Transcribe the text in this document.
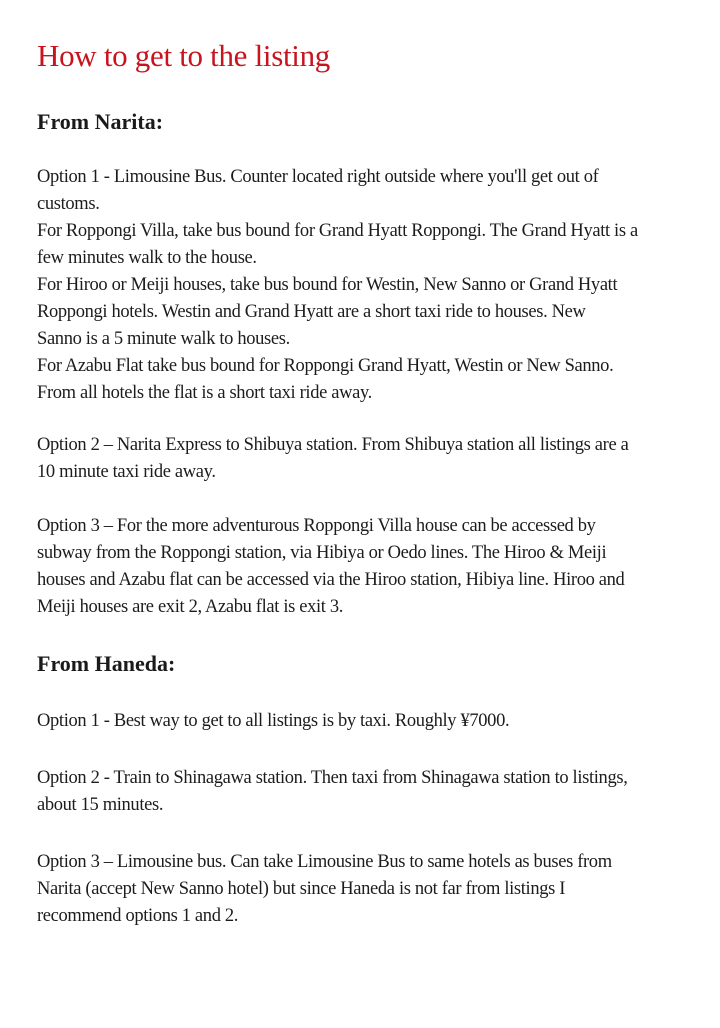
How to get to the listing
From Narita:

Option 1 - Limousine Bus. Counter located right outside where you'll get out of
customs.
For Roppongi Villa, take bus bound for Grand Hyatt Roppongi. The Grand Hyatt is a
few minutes walk to the house.
For Hiroo or Meiji houses, take bus bound for Westin, New Sanno or Grand Hyatt
Roppongi hotels. Westin and Grand Hyatt are a short taxi ride to houses. New
Sanno is a 5 minute walk to houses.
For Azabu Flat take bus bound for Roppongi Grand Hyatt, Westin or New Sanno.
From all hotels the flat is a short taxi ride away.

Option 2 – Narita Express to Shibuya station. From Shibuya station all listings are a
10 minute taxi ride away.

Option 3 – For the more adventurous Roppongi Villa house can be accessed by
subway from the Roppongi station, via Hibiya or Oedo lines. The Hiroo & Meiji
houses and Azabu flat can be accessed via the Hiroo station, Hibiya line. Hiroo and
Meiji houses are exit 2, Azabu flat is exit 3.

From Haneda:

Option 1 - Best way to get to all listings is by taxi. Roughly ¥7000.

Option 2 - Train to Shinagawa station. Then taxi from Shinagawa station to listings,
about 15 minutes.

Option 3 – Limousine bus. Can take Limousine Bus to same hotels as buses from
Narita (accept New Sanno hotel) but since Haneda is not far from listings I
recommend options 1 and 2.
